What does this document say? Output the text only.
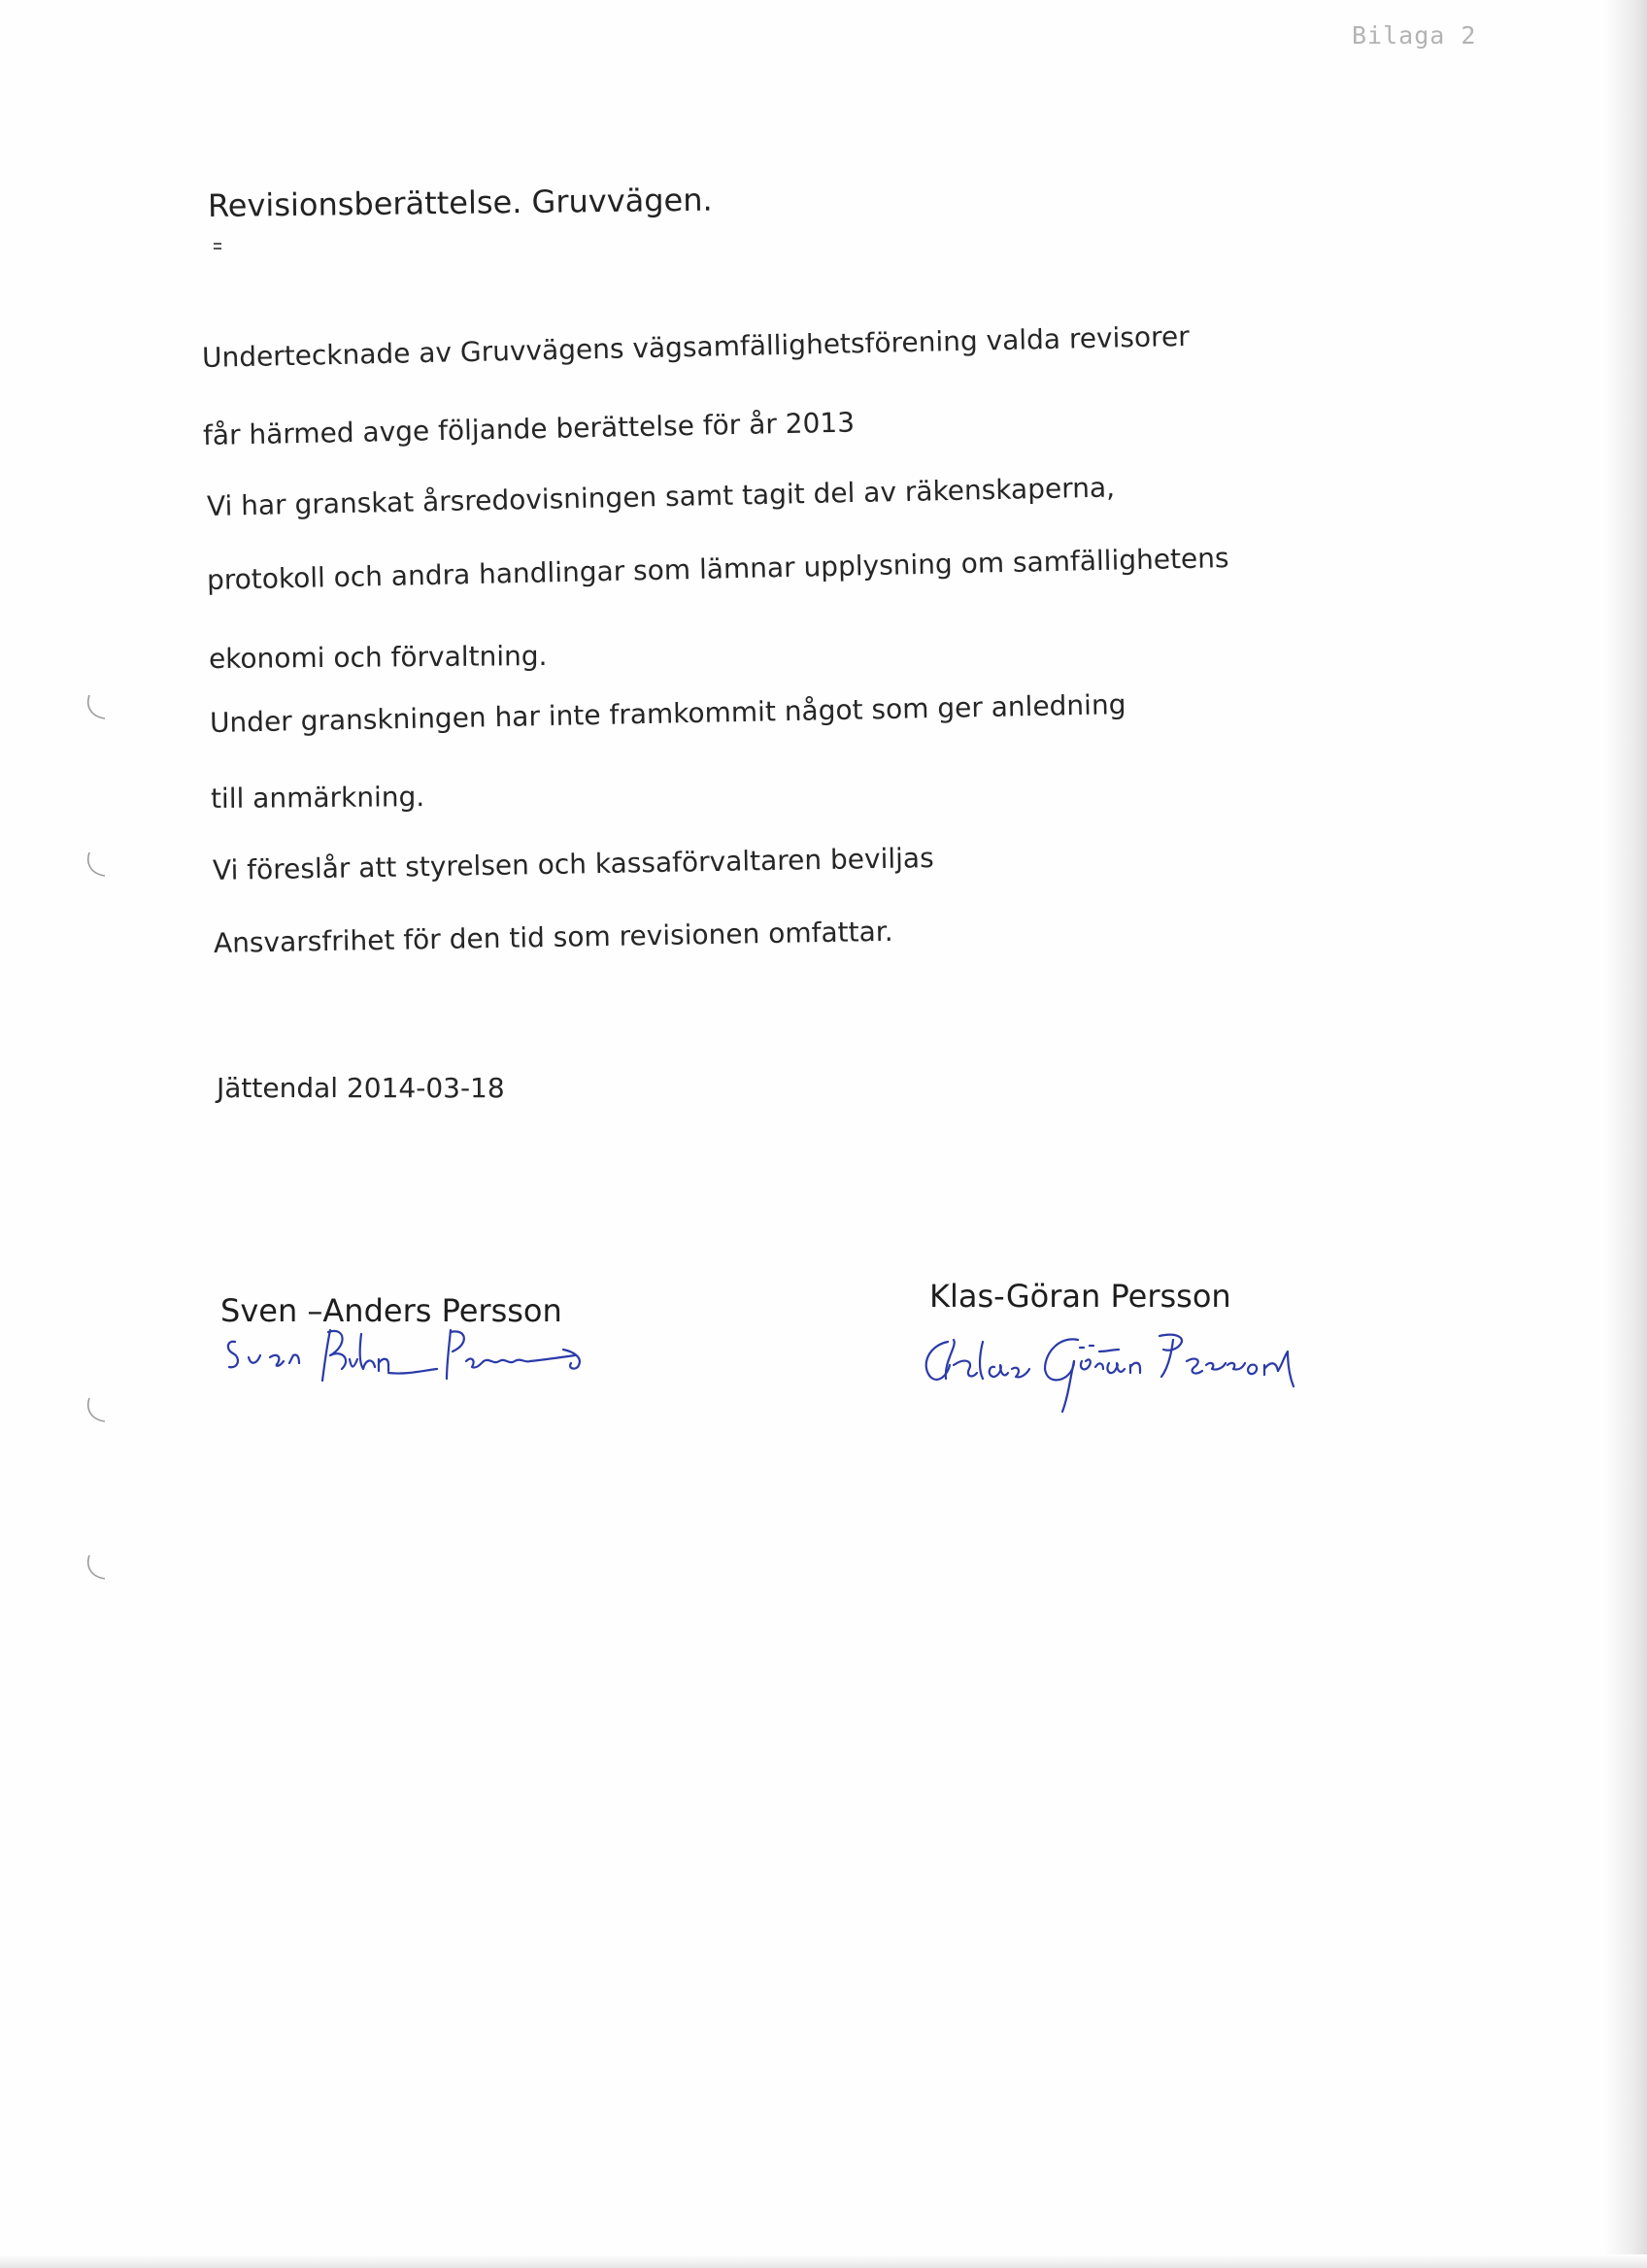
Bilaga 2
Revisionsberättelse. Gruvvägen.
Undertecknade av Gruvvägens vägsamfällighetsförening valda revisorer
får härmed avge följande berättelse för år 2013
Vi har granskat årsredovisningen samt tagit del av räkenskaperna,
protokoll och andra handlingar som lämnar upplysning om samfällighetens
ekonomi och förvaltning.
Under granskningen har inte framkommit något som ger anledning
till anmärkning.
Vi föreslår att styrelsen och kassaförvaltaren beviljas
Ansvarsfrihet för den tid som revisionen omfattar.
Jättendal 2014-03-18
Sven –Anders Persson	Klas-Göran Persson
